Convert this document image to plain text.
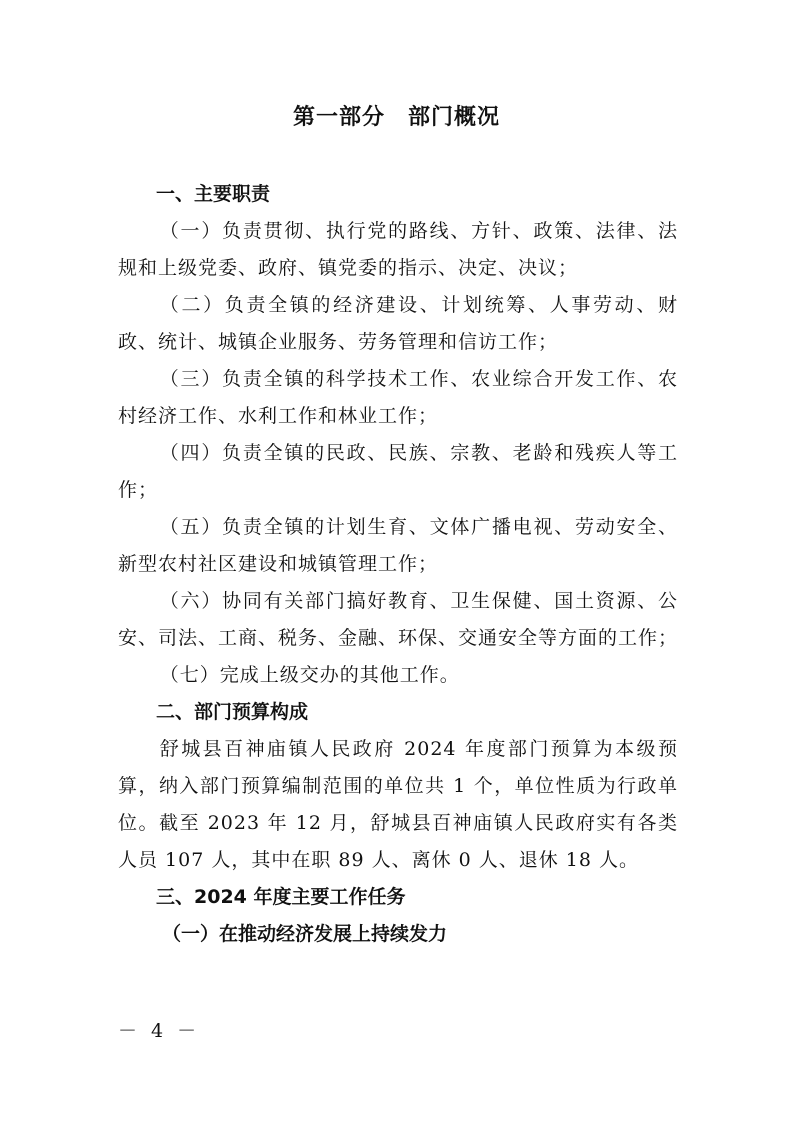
第一部分　部门概况
一、主要职责

（一）负责贯彻、执行党的路线、方针、政策、法律、法规和上级党委、政府、镇党委的指示、决定、决议；

（二）负责全镇的经济建设、计划统筹、人事劳动、财政、统计、城镇企业服务、劳务管理和信访工作；

（三）负责全镇的科学技术工作、农业综合开发工作、农村经济工作、水利工作和林业工作；

（四）负责全镇的民政、民族、宗教、老龄和残疾人等工作；

（五）负责全镇的计划生育、文体广播电视、劳动安全、新型农村社区建设和城镇管理工作；

（六）协同有关部门搞好教育、卫生保健、国土资源、公安、司法、工商、税务、金融、环保、交通安全等方面的工作；

（七）完成上级交办的其他工作。

二、部门预算构成

舒城县百神庙镇人民政府 2024 年度部门预算为本级预算，纳入部门预算编制范围的单位共 1 个，单位性质为行政单位。截至 2023 年 12 月，舒城县百神庙镇人民政府实有各类人员 107 人，其中在职 89 人、离休 0 人、退休 18 人。

三、2024 年度主要工作任务
（一）在推动经济发展上持续发力
－ 4 －
